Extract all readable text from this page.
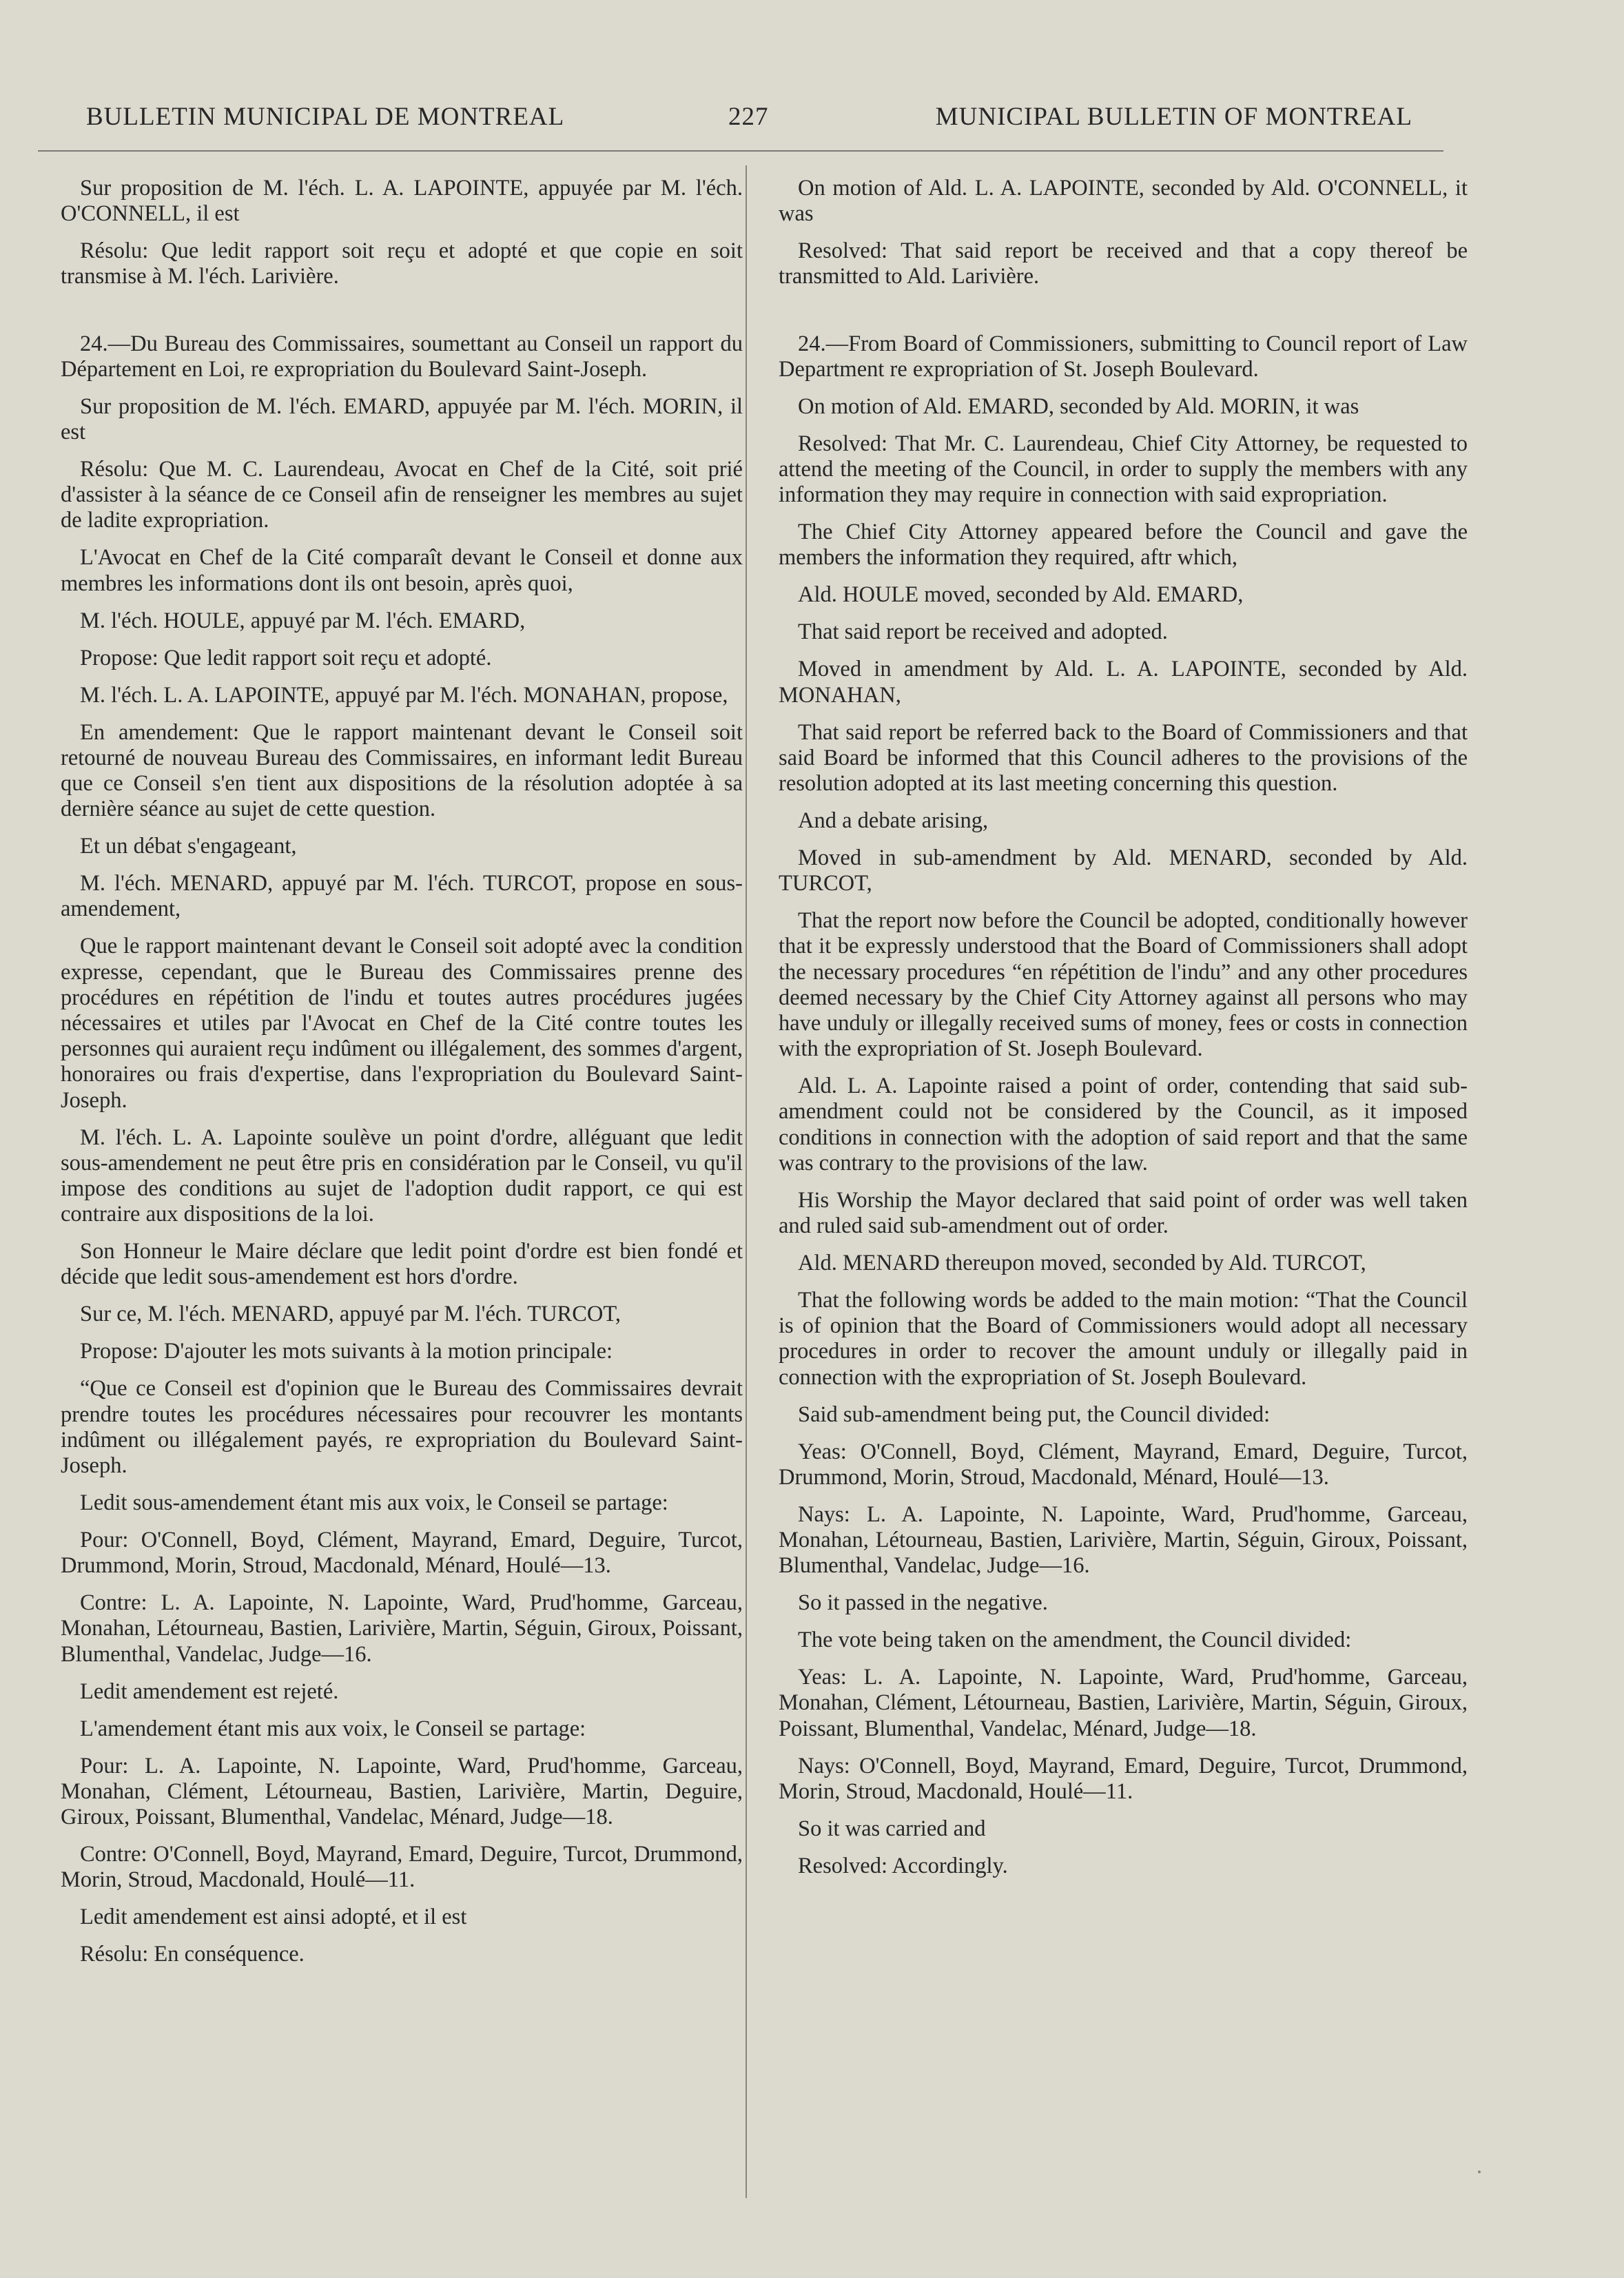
BULLETIN MUNICIPAL DE MONTREAL	227	MUNICIPAL BULLETIN OF MONTREAL

Sur proposition de M. l'éch. L. A. LAPOINTE, appuyée par M. l'éch. O'CONNELL, il est

Résolu: Que ledit rapport soit reçu et adopté et que copie en soit transmise à M. l'éch. Larivière.

24.—Du Bureau des Commissaires, soumettant au Conseil un rapport du Département en Loi, re expropriation du Boulevard Saint-Joseph.

Sur proposition de M. l'éch. EMARD, appuyée par M. l'éch. MORIN, il est

Résolu: Que M. C. Laurendeau, Avocat en Chef de la Cité, soit prié d'assister à la séance de ce Conseil afin de renseigner les membres au sujet de ladite expropriation.

L'Avocat en Chef de la Cité comparaît devant le Conseil et donne aux membres les informations dont ils ont besoin, après quoi,

M. l'éch. HOULE, appuyé par M. l'éch. EMARD,

Propose: Que ledit rapport soit reçu et adopté.

M. l'éch. L. A. LAPOINTE, appuyé par M. l'éch. MONAHAN, propose,

En amendement: Que le rapport maintenant devant le Conseil soit retourné de nouveau Bureau des Commissaires, en informant ledit Bureau que ce Conseil s'en tient aux dispositions de la résolution adoptée à sa dernière séance au sujet de cette question.

Et un débat s'engageant,

M. l'éch. MENARD, appuyé par M. l'éch. TURCOT, propose en sous-amendement,

Que le rapport maintenant devant le Conseil soit adopté avec la condition expresse, cependant, que le Bureau des Commissaires prenne des procédures en répétition de l'indu et toutes autres procédures jugées nécessaires et utiles par l'Avocat en Chef de la Cité contre toutes les personnes qui auraient reçu indûment ou illégalement, des sommes d'argent, honoraires ou frais d'expertise, dans l'expropriation du Boulevard Saint-Joseph.

M. l'éch. L. A. Lapointe soulève un point d'ordre, alléguant que ledit sous-amendement ne peut être pris en considération par le Conseil, vu qu'il impose des conditions au sujet de l'adoption dudit rapport, ce qui est contraire aux dispositions de la loi.

Son Honneur le Maire déclare que ledit point d'ordre est bien fondé et décide que ledit sous-amendement est hors d'ordre.

Sur ce, M. l'éch. MENARD, appuyé par M. l'éch. TURCOT,

Propose: D'ajouter les mots suivants à la motion principale:

“Que ce Conseil est d'opinion que le Bureau des Commissaires devrait prendre toutes les procédures nécessaires pour recouvrer les montants indûment ou illégalement payés, re expropriation du Boulevard Saint-Joseph.

Ledit sous-amendement étant mis aux voix, le Conseil se partage:

Pour: O'Connell, Boyd, Clément, Mayrand, Emard, Deguire, Turcot, Drummond, Morin, Stroud, Macdonald, Ménard, Houlé—13.

Contre: L. A. Lapointe, N. Lapointe, Ward, Prud'homme, Garceau, Monahan, Létourneau, Bastien, Larivière, Martin, Séguin, Giroux, Poissant, Blumenthal, Vandelac, Judge—16.

Ledit amendement est rejeté.

L'amendement étant mis aux voix, le Conseil se partage:

Pour: L. A. Lapointe, N. Lapointe, Ward, Prud'homme, Garceau, Monahan, Clément, Létourneau, Bastien, Larivière, Martin, Deguire, Giroux, Poissant, Blumenthal, Vandelac, Ménard, Judge—18.

Contre: O'Connell, Boyd, Mayrand, Emard, Deguire, Turcot, Drummond, Morin, Stroud, Macdonald, Houlé—11.

Ledit amendement est ainsi adopté, et il est

Résolu: En conséquence.

On motion of Ald. L. A. LAPOINTE, seconded by Ald. O'CONNELL, it was

Resolved: That said report be received and that a copy thereof be transmitted to Ald. Larivière.

24.—From Board of Commissioners, submitting to Council report of Law Department re expropriation of St. Joseph Boulevard.

On motion of Ald. EMARD, seconded by Ald. MORIN, it was

Resolved: That Mr. C. Laurendeau, Chief City Attorney, be requested to attend the meeting of the Council, in order to supply the members with any information they may require in connection with said expropriation.

The Chief City Attorney appeared before the Council and gave the members the information they required, aftr which,

Ald. HOULE moved, seconded by Ald. EMARD,

That said report be received and adopted.

Moved in amendment by Ald. L. A. LAPOINTE, seconded by Ald. MONAHAN,

That said report be referred back to the Board of Commissioners and that said Board be informed that this Council adheres to the provisions of the resolution adopted at its last meeting concerning this question.

And a debate arising,

Moved in sub-amendment by Ald. MENARD, seconded by Ald. TURCOT,

That the report now before the Council be adopted, conditionally however that it be expressly understood that the Board of Commissioners shall adopt the necessary procedures “en répétition de l'indu” and any other procedures deemed necessary by the Chief City Attorney against all persons who may have unduly or illegally received sums of money, fees or costs in connection with the expropriation of St. Joseph Boulevard.

Ald. L. A. Lapointe raised a point of order, contending that said sub-amendment could not be considered by the Council, as it imposed conditions in connection with the adoption of said report and that the same was contrary to the provisions of the law.

His Worship the Mayor declared that said point of order was well taken and ruled said sub-amendment out of order.

Ald. MENARD thereupon moved, seconded by Ald. TURCOT,

That the following words be added to the main motion: “That the Council is of opinion that the Board of Commissioners would adopt all necessary procedures in order to recover the amount unduly or illegally paid in connection with the expropriation of St. Joseph Boulevard.

Said sub-amendment being put, the Council divided:

Yeas: O'Connell, Boyd, Clément, Mayrand, Emard, Deguire, Turcot, Drummond, Morin, Stroud, Macdonald, Ménard, Houlé—13.

Nays: L. A. Lapointe, N. Lapointe, Ward, Prud'homme, Garceau, Monahan, Létourneau, Bastien, Larivière, Martin, Séguin, Giroux, Poissant, Blumenthal, Vandelac, Judge—16.

So it passed in the negative.

The vote being taken on the amendment, the Council divided:

Yeas: L. A. Lapointe, N. Lapointe, Ward, Prud'homme, Garceau, Monahan, Clément, Létourneau, Bastien, Larivière, Martin, Séguin, Giroux, Poissant, Blumenthal, Vandelac, Ménard, Judge—18.

Nays: O'Connell, Boyd, Mayrand, Emard, Deguire, Turcot, Drummond, Morin, Stroud, Macdonald, Houlé—11.

So it was carried and

Resolved: Accordingly.
